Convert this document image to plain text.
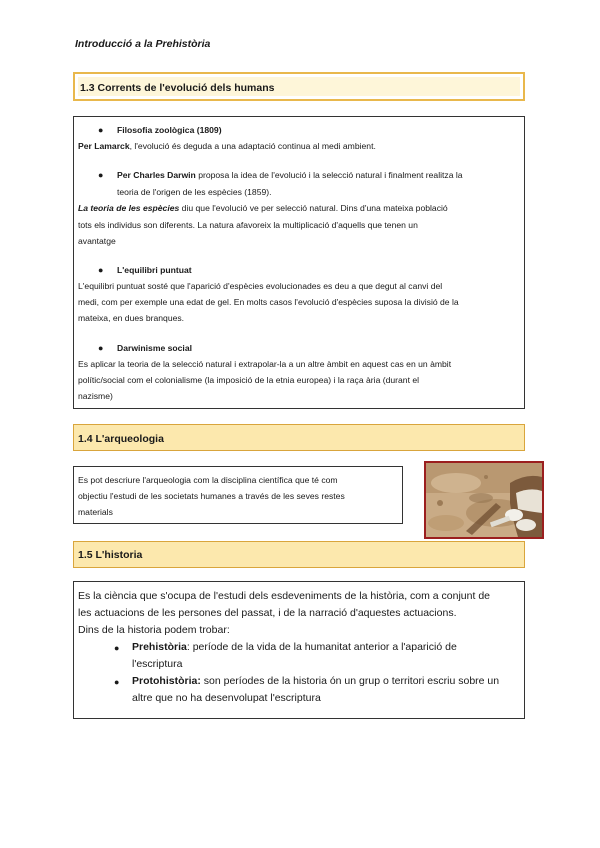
Introducció a la Prehistòria
1.3 Corrents de l'evolució dels humans
● Filosofia zoològica (1809)
Per Lamarck, l'evolució és deguda a una adaptació continua al medi ambient.
● Per Charles Darwin proposa la idea de l'evolució i la selecció natural i finalment realitza la
teoria de l'origen de les espècies (1859).
La teoria de les espècies diu que l'evolució ve per selecció natural. Dins d'una mateixa població
tots els individus son diferents. La natura afavoreix la multiplicació d'aquells que tenen un
avantatge
● L'equilibri puntuat
L'equilibri puntuat sosté que l'aparició d'espècies evolucionades es deu a que degut al canvi del
medi, com per exemple una edat de gel. En molts casos l'evolució d'espècies suposa la divisió de la
mateixa, en dues branques.
● Darwinisme social
Es aplicar la teoria de la selecció natural i extrapolar-la a un altre àmbit en aquest cas en un àmbit
polític/social com el colonialisme (la imposició de la etnia europea) i la raça ària (durant el
nazisme)
1.4 L'arqueologia
Es pot descriure l'arqueologia com la disciplina científica que té com
objectiu l'estudi de les societats humanes a través de les seves restes
materials
1.5 L'historia
Es la ciència que s'ocupa de l'estudi dels esdeveniments de la història, com a conjunt de
les actuacions de les persones del passat, i de la narració d'aquestes actuacions.
Dins de la historia podem trobar:
● Prehistòria: període de la vida de la humanitat anterior a l'aparició de
l'escriptura
● Protohistòria: son períodes de la historia ón un grup o territori escriu sobre un
altre que no ha desenvolupat l'escriptura
